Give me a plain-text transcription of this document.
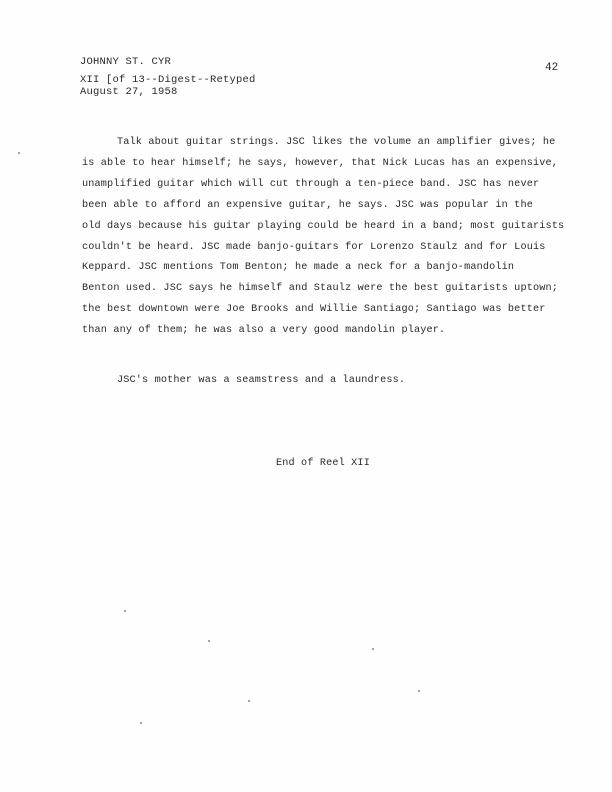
JOHNNY ST. CYR
XII [of 13--Digest--Retyped
August 27, 1958
42
Talk about guitar strings. JSC likes the volume an amplifier gives; he
is able to hear himself; he says, however, that Nick Lucas has an expensive,
unamplified guitar which will cut through a ten-piece band. JSC has never
been able to afford an expensive guitar, he says. JSC was popular in the
old days because his guitar playing could be heard in a band; most guitarists
couldn't be heard. JSC made banjo-guitars for Lorenzo Staulz and for Louis
Keppard. JSC mentions Tom Benton; he made a neck for a banjo-mandolin
Benton used. JSC says he himself and Staulz were the best guitarists uptown;
the best downtown were Joe Brooks and Willie Santiago; Santiago was better
than any of them; he was also a very good mandolin player.
JSC's mother was a seamstress and a laundress.
End of Reel XII
